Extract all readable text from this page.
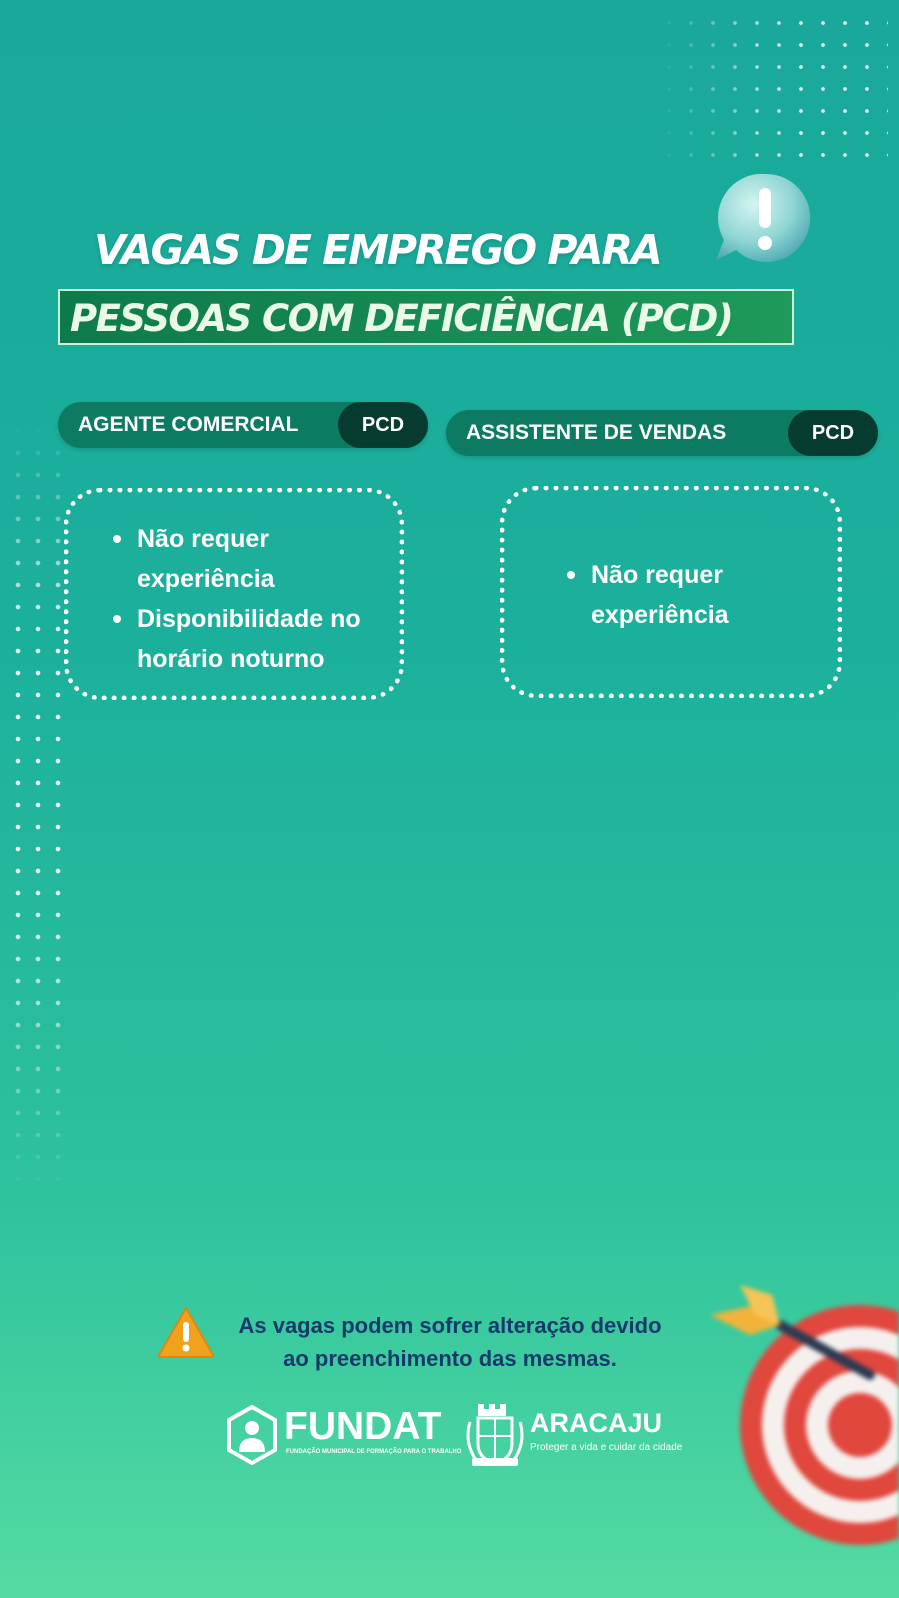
VAGAS DE EMPREGO PARA
PESSOAS COM DEFICIÊNCIA (PCD)
AGENTE COMERCIAL	PCD
Não requer experiência
Disponibilidade no horário noturno
ASSISTENTE DE VENDAS	PCD
Não requer experiência
As vagas podem sofrer alteração devido
ao preenchimento das mesmas.
FUNDAT
FUNDAÇÃO MUNICIPAL DE FORMAÇÃO PARA O TRABALHO
ARACAJU
Proteger a vida e cuidar da cidade
